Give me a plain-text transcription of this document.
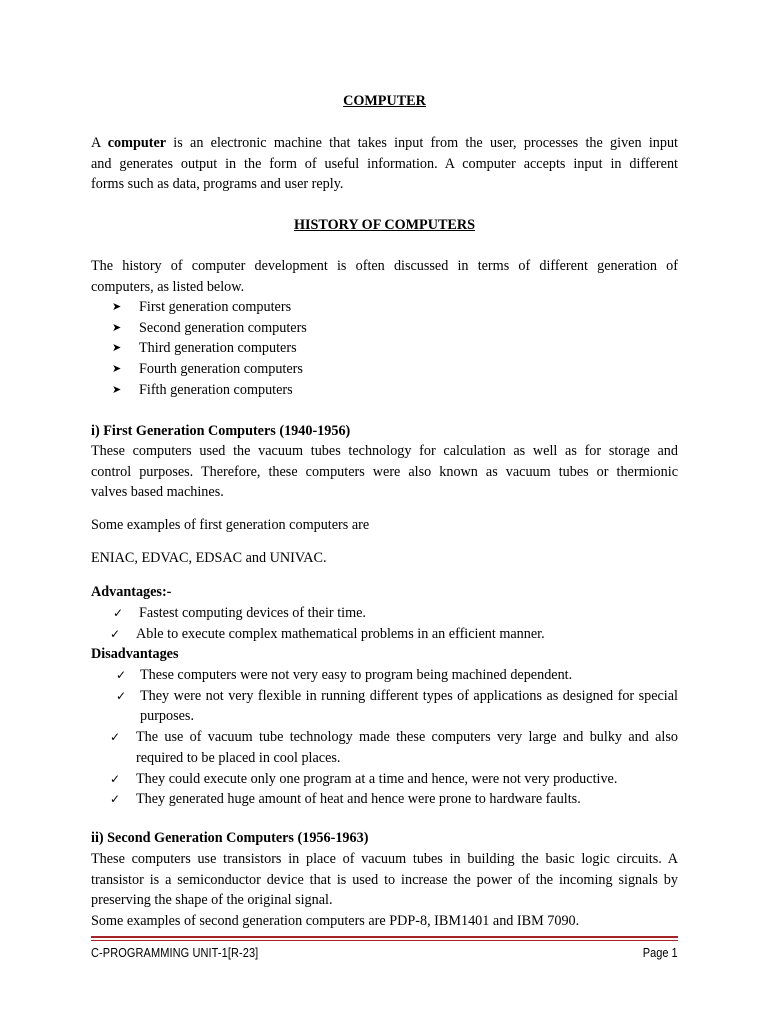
COMPUTER

A computer is an electronic machine that takes input from the user, processes the given input
and generates output in the form of useful information. A computer accepts input in different
forms such as data, programs and user reply.

HISTORY OF COMPUTERS

The history of computer development is often discussed in terms of different generation of
computers, as listed below.

➤ First generation computers
➤ Second generation computers
➤ Third generation computers
➤ Fourth generation computers
➤ Fifth generation computers
i) First Generation Computers (1940-1956)

These computers used the vacuum tubes technology for calculation as well as for storage and
control purposes. Therefore, these computers were also known as vacuum tubes or thermionic
valves based machines.

Some examples of first generation computers are

ENIAC, EDVAC, EDSAC and UNIVAC.

Advantages:-
✓ Fastest computing devices of their time.
✓ Able to execute complex mathematical problems in an efficient manner.
Disadvantages
✓ These computers were not very easy to program being machined dependent.
✓ They were not very flexible in running different types of applications as designed for special purposes.
✓ The use of vacuum tube technology made these computers very large and bulky and also required to be placed in cool places.
✓ They could execute only one program at a time and hence, were not very productive.
✓ They generated huge amount of heat and hence were prone to hardware faults.
ii) Second Generation Computers (1956-1963)

These computers use transistors in place of vacuum tubes in building the basic logic circuits. A
transistor is a semiconductor device that is used to increase the power of the incoming signals by
preserving the shape of the original signal.
Some examples of second generation computers are PDP-8, IBM1401 and IBM 7090.

C-PROGRAMMING UNIT-1[R-23]	Page 1
